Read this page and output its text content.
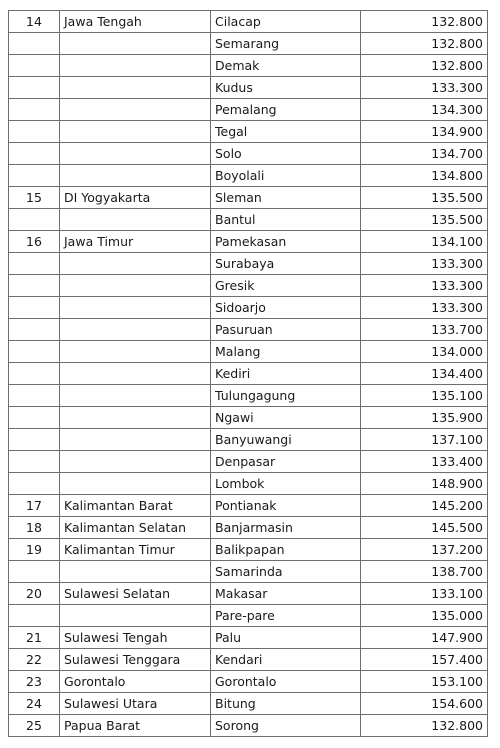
14	Jawa Tengah	Cilacap	132.800
		Semarang	132.800
		Demak	132.800
		Kudus	133.300
		Pemalang	134.300
		Tegal	134.900
		Solo	134.700
		Boyolali	134.800
15	DI Yogyakarta	Sleman	135.500
		Bantul	135.500
16	Jawa Timur	Pamekasan	134.100
		Surabaya	133.300
		Gresik	133.300
		Sidoarjo	133.300
		Pasuruan	133.700
		Malang	134.000
		Kediri	134.400
		Tulungagung	135.100
		Ngawi	135.900
		Banyuwangi	137.100
		Denpasar	133.400
		Lombok	148.900
17	Kalimantan Barat	Pontianak	145.200
18	Kalimantan Selatan	Banjarmasin	145.500
19	Kalimantan Timur	Balikpapan	137.200
		Samarinda	138.700
20	Sulawesi Selatan	Makasar	133.100
		Pare-pare	135.000
21	Sulawesi Tengah	Palu	147.900
22	Sulawesi Tenggara	Kendari	157.400
23	Gorontalo	Gorontalo	153.100
24	Sulawesi Utara	Bitung	154.600
25	Papua Barat	Sorong	132.800
